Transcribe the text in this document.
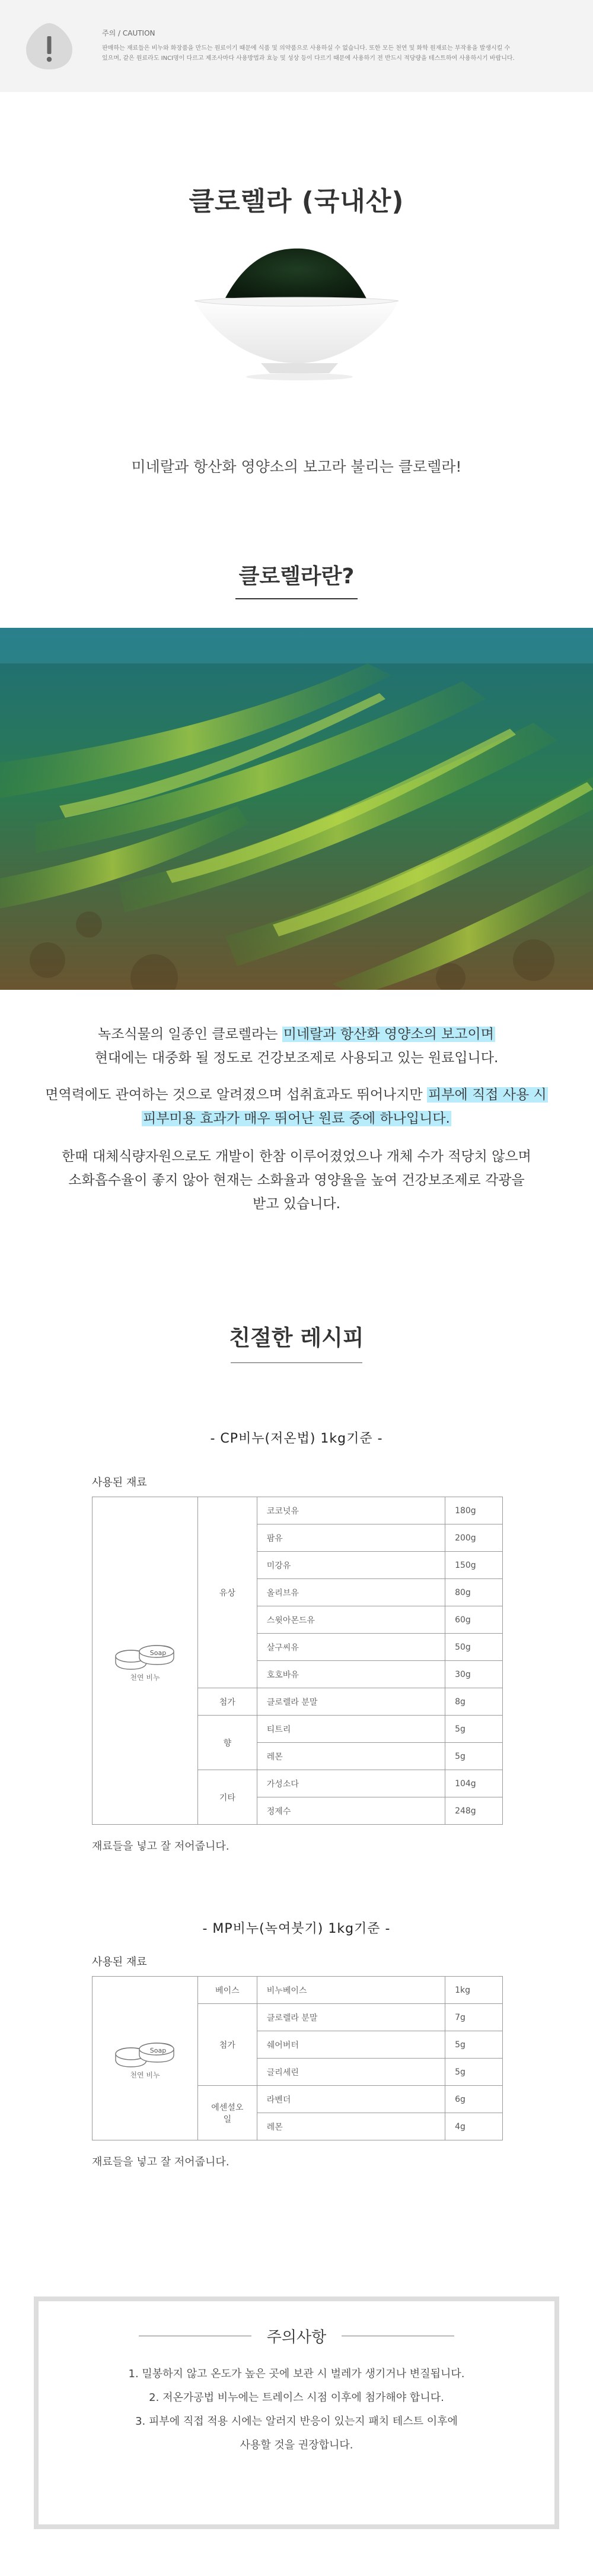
주의 / CAUTION
판매하는 재료들은 비누와 화장품을 만드는 원료이기 때문에 식품 및 의약품으로 사용하실 수 없습니다. 또한 모든 천연 및 화학 원재료는 부작용을 발생시킬 수
있으며, 같은 원료라도 INCI명이 다르고 제조사마다 사용방법과 효능 및 성상 등이 다르기 때문에 사용하기 전 반드시 적당량을 테스트하여 사용하시기 바랍니다.
클로렐라 (국내산)
미네랄과 항산화 영양소의 보고라 불리는 클로렐라!
클로렐라란?
녹조식물의 일종인 클로렐라는 미네랄과 항산화 영양소의 보고이며
현대에는 대중화 될 정도로 건강보조제로 사용되고 있는 원료입니다.
면역력에도 관여하는 것으로 알려졌으며 섭취효과도 뛰어나지만 피부에 직접 사용 시
피부미용 효과가 매우 뛰어난 원료 중에 하나입니다.
한때 대체식량자원으로도 개발이 한참 이루어졌었으나 개체 수가 적당치 않으며
소화흡수율이 좋지 않아 현재는 소화율과 영양율을 높여 건강보조제로 각광을
받고 있습니다.
친절한 레시피
- CP비누(저온법) 1kg기준 -
사용된 재료
Soap
천연 비누	유상	코코넛유	180g
		팜유	200g
		미강유	150g
		올리브유	80g
		스윗아몬드유	60g
		살구씨유	50g
		호호바유	30g
	첨가	클로렐라 분말	8g
	향	티트리	5g
		레몬	5g
	기타	가성소다	104g
		정제수	248g
재료들을 넣고 잘 저어줍니다.
- MP비누(녹여붓기) 1kg기준 -
사용된 재료
Soap
천연 비누	베이스	비누베이스	1kg
	첨가	클로렐라 분말	7g
		쉐어버터	5g
		글리세린	5g
	에센셜오일	라벤더	6g
		레몬	4g
재료들을 넣고 잘 저어줍니다.
주의사항
1. 밀봉하지 않고 온도가 높은 곳에 보관 시 벌레가 생기거나 변질됩니다.
2. 저온가공법 비누에는 트레이스 시점 이후에 첨가해야 합니다.
3. 피부에 직접 적용 시에는 알러지 반응이 있는지 패치 테스트 이후에
사용할 것을 권장합니다.
